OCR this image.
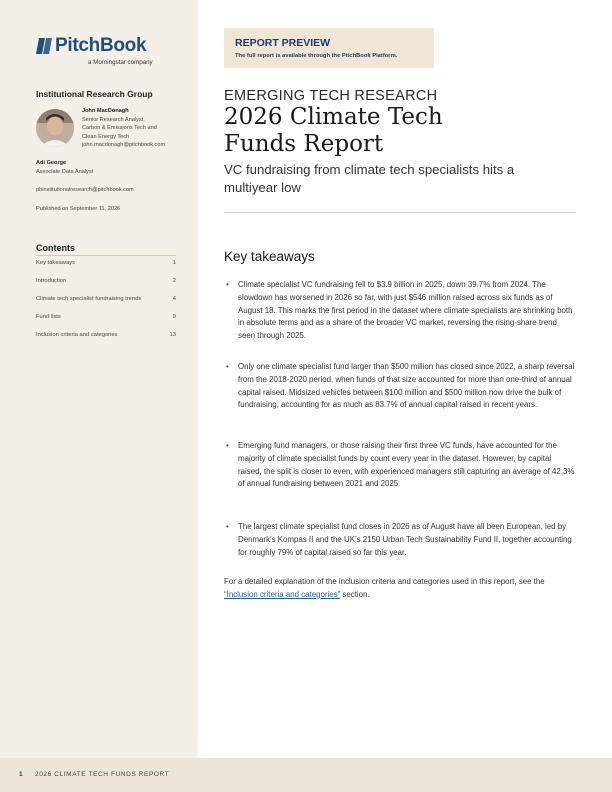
PitchBook
a Morningstar company
Institutional Research Group
John MacDonagh
Senior Research Analyst,
Carbon & Emissions Tech and
Clean Energy Tech
john.macdonagh@pitchbook.com
Adi George
Associate Data Analyst
pbinstitutionalresearch@pitchbook.com
Published on September 11, 2026
Contents
Key takeaways	1
Introduction	2
Climate tech specialist fundraising trends	4
Fund lists	9
Inclusion criteria and categories	13
REPORT PREVIEW
The full report is available through the PitchBook Platform.
EMERGING TECH RESEARCH
2026 Climate Tech
Funds Report
VC fundraising from climate tech specialists hits a multiyear low
Key takeaways
• Climate specialist VC fundraising fell to $3.9 billion in 2025, down 39.7% from 2024. The slowdown has worsened in 2026 so far, with just $546 million raised across six funds as of August 18. This marks the first period in the dataset where climate specialists are shrinking both in absolute terms and as a share of the broader VC market, reversing the rising-share trend seen through 2025.
• Only one climate specialist fund larger than $500 million has closed since 2022, a sharp reversal from the 2018-2020 period, when funds of that size accounted for more than one-third of annual capital raised. Midsized vehicles between $100 million and $500 million now drive the bulk of fundraising, accounting for as much as 83.7% of annual capital raised in recent years.
• Emerging fund managers, or those raising their first three VC funds, have accounted for the majority of climate specialist funds by count every year in the dataset. However, by capital raised, the split is closer to even, with experienced managers still capturing an average of 42.3% of annual fundraising between 2021 and 2025.
• The largest climate specialist fund closes in 2026 as of August have all been European, led by Denmark’s Kompas II and the UK’s 2150 Urban Tech Sustainability Fund II, together accounting for roughly 79% of capital raised so far this year.
For a detailed explanation of the inclusion criteria and categories used in this report, see the “Inclusion criteria and categories” section.
1 2026 CLIMATE TECH FUNDS REPORT
